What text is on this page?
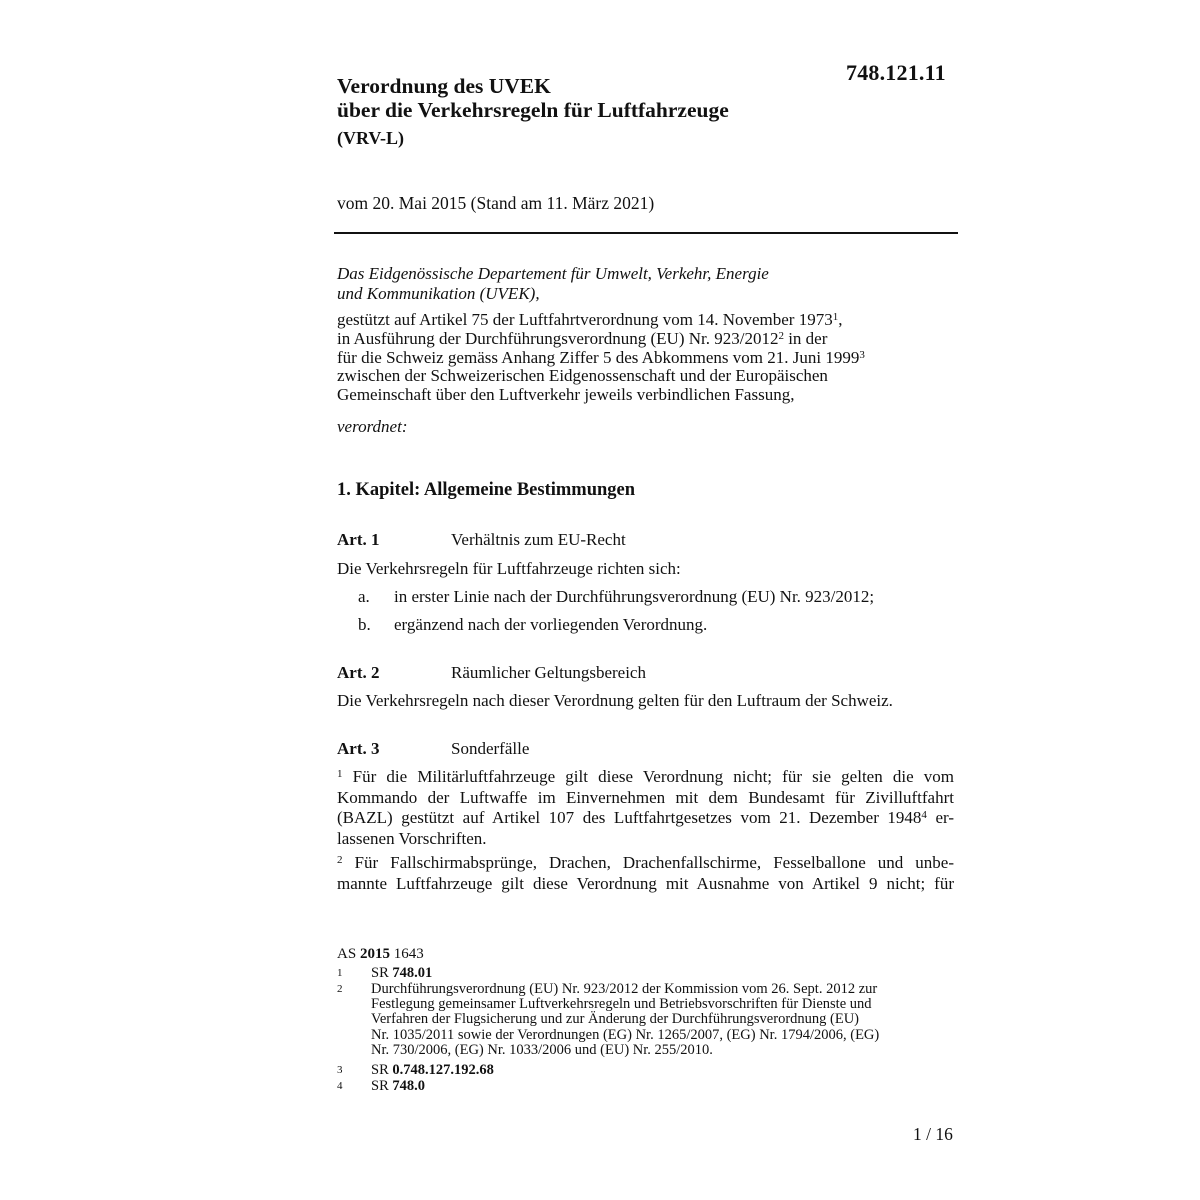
748.121.11
Verordnung des UVEK
über die Verkehrsregeln für Luftfahrzeuge
(VRV-L)
vom 20. Mai 2015 (Stand am 11. März 2021)
Das Eidgenössische Departement für Umwelt, Verkehr, Energie
und Kommunikation (UVEK),
gestützt auf Artikel 75 der Luftfahrtverordnung vom 14. November 1973$^1$,
in Ausführung der Durchführungsverordnung (EU) Nr. 923/2012$^2$ in der
für die Schweiz gemäss Anhang Ziffer 5 des Abkommens vom 21. Juni 1999$^3$
zwischen der Schweizerischen Eidgenossenschaft und der Europäischen
Gemeinschaft über den Luftverkehr jeweils verbindlichen Fassung,
verordnet:
1. Kapitel: Allgemeine Bestimmungen
Art. 1	Verhältnis zum EU-Recht
Die Verkehrsregeln für Luftfahrzeuge richten sich:
a. in erster Linie nach der Durchführungsverordnung (EU) Nr. 923/2012;
b. ergänzend nach der vorliegenden Verordnung.
Art. 2	Räumlicher Geltungsbereich
Die Verkehrsregeln nach dieser Verordnung gelten für den Luftraum der Schweiz.
Art. 3	Sonderfälle
$^1$ Für die Militärluftfahrzeuge gilt diese Verordnung nicht; für sie gelten die vom
Kommando der Luftwaffe im Einvernehmen mit dem Bundesamt für Zivilluftfahrt
(BAZL) gestützt auf Artikel 107 des Luftfahrtgesetzes vom 21. Dezember 1948$^4$ er-
lassenen Vorschriften.
$^2$ Für Fallschirmabsprünge, Drachen, Drachenfallschirme, Fesselballone und unbe-
mannte Luftfahrzeuge gilt diese Verordnung mit Ausnahme von Artikel 9 nicht; für
AS 2015 1643
1 SR 748.01
2 Durchführungsverordnung (EU) Nr. 923/2012 der Kommission vom 26. Sept. 2012 zur
Festlegung gemeinsamer Luftverkehrsregeln und Betriebsvorschriften für Dienste und
Verfahren der Flugsicherung und zur Änderung der Durchführungsverordnung (EU)
Nr. 1035/2011 sowie der Verordnungen (EG) Nr. 1265/2007, (EG) Nr. 1794/2006, (EG)
Nr. 730/2006, (EG) Nr. 1033/2006 und (EU) Nr. 255/2010.
3 SR 0.748.127.192.68
4 SR 748.0
1 / 16
